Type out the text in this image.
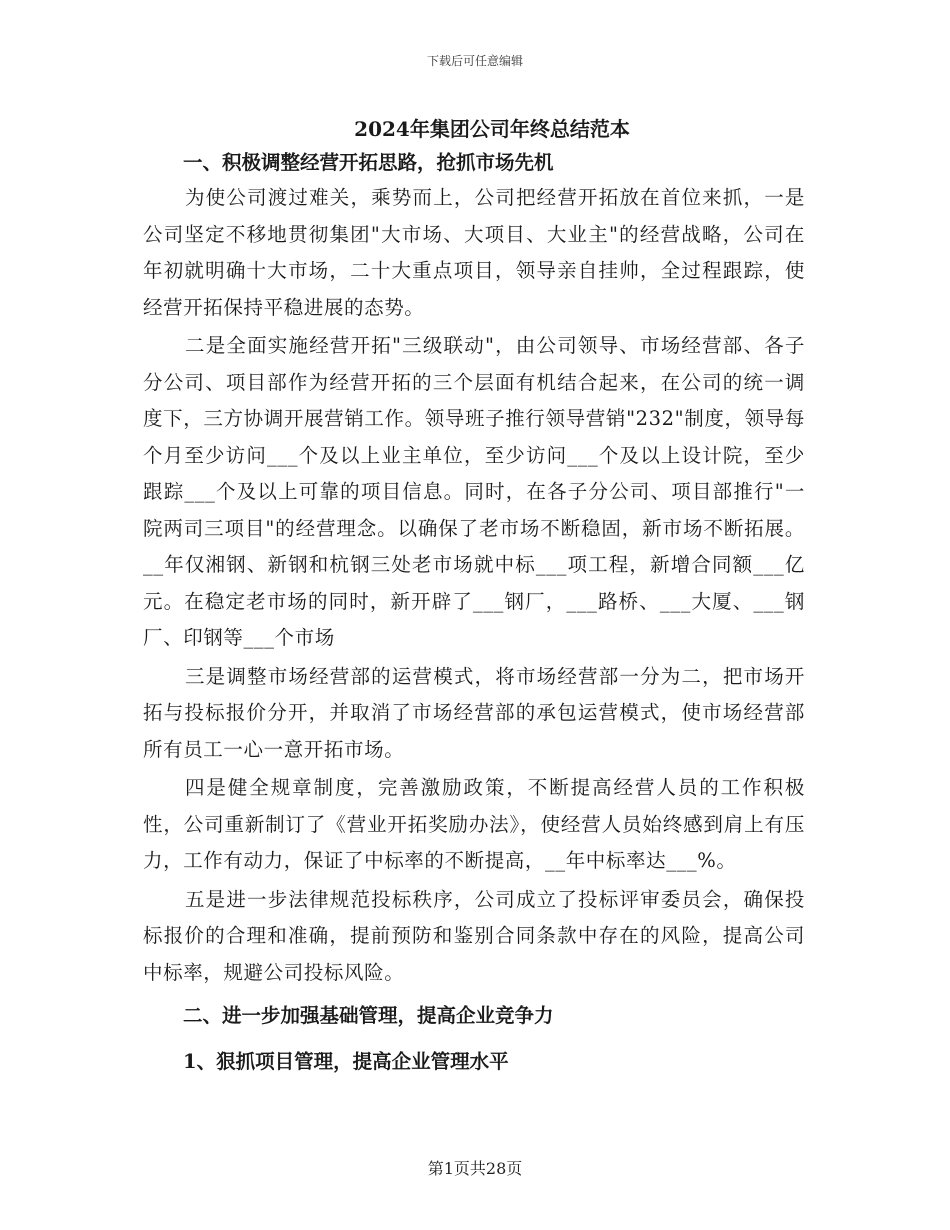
下载后可任意编辑
2024年集团公司年终总结范本

一、积极调整经营开拓思路，抢抓市场先机

为使公司渡过难关，乘势而上，公司把经营开拓放在首位来抓，一是公司坚定不移地贯彻集团"大市场、大项目、大业主"的经营战略，公司在年初就明确十大市场，二十大重点项目，领导亲自挂帅，全过程跟踪，使经营开拓保持平稳进展的态势。

二是全面实施经营开拓"三级联动"，由公司领导、市场经营部、各子分公司、项目部作为经营开拓的三个层面有机结合起来，在公司的统一调度下，三方协调开展营销工作。领导班子推行领导营销"232"制度，领导每个月至少访问___个及以上业主单位，至少访问___个及以上设计院，至少跟踪___个及以上可靠的项目信息。同时，在各子分公司、项目部推行"一院两司三项目"的经营理念。以确保了老市场不断稳固，新市场不断拓展。__年仅湘钢、新钢和杭钢三处老市场就中标___项工程，新增合同额___亿元。在稳定老市场的同时，新开辟了___钢厂，___路桥、___大厦、___钢厂、印钢等___个市场

三是调整市场经营部的运营模式，将市场经营部一分为二，把市场开拓与投标报价分开，并取消了市场经营部的承包运营模式，使市场经营部所有员工一心一意开拓市场。

四是健全规章制度，完善激励政策，不断提高经营人员的工作积极性，公司重新制订了《营业开拓奖励办法》，使经营人员始终感到肩上有压力，工作有动力，保证了中标率的不断提高，__年中标率达___%。

五是进一步法律规范投标秩序，公司成立了投标评审委员会，确保投标报价的合理和准确，提前预防和鉴别合同条款中存在的风险，提高公司中标率，规避公司投标风险。

二、进一步加强基础管理，提高企业竞争力

1、狠抓项目管理，提高企业管理水平

第1页共28页
